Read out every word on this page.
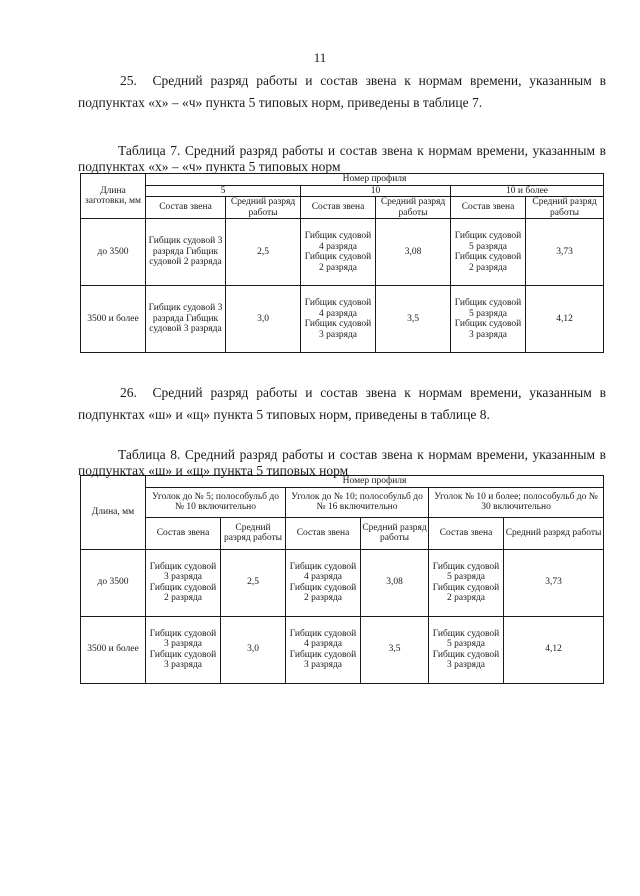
11

25. Средний разряд работы и состав звена к нормам времени, указанным в подпунктах «х» – «ч» пункта 5 типовых норм, приведены в таблице 7.

Таблица 7. Средний разряд работы и состав звена к нормам времени, указанным в подпунктах «х» – «ч» пункта 5 типовых норм

Длина заготовки, мм	Номер профиля					
	5		10		10 и более	
	Состав звена	Средний разряд работы	Состав звена	Средний разряд работы	Состав звена	Средний разряд работы
до 3500	Гибщик судовой 3 разряда Гибщик судовой 2 разряда	2,5	Гибщик судовой 4 разряда Гибщик судовой 2 разряда	3,08	Гибщик судовой 5 разряда Гибщик судовой 2 разряда	3,73
3500 и более	Гибщик судовой 3 разряда Гибщик судовой 3 разряда	3,0	Гибщик судовой 4 разряда Гибщик судовой 3 разряда	3,5	Гибщик судовой 5 разряда Гибщик судовой 3 разряда	4,12

26. Средний разряд работы и состав звена к нормам времени, указанным в подпунктах «ш» и «щ» пункта 5 типовых норм, приведены в таблице 8.

Таблица 8. Средний разряд работы и состав звена к нормам времени, указанным в подпунктах «ш» и «щ» пункта 5 типовых норм

Длина, мм	Номер профиля					
	Уголок до № 5; полособульб до № 10 включительно		Уголок до № 10; полособульб до № 16 включительно		Уголок № 10 и более; полособульб до № 30 включительно	
	Состав звена	Средний разряд работы	Состав звена	Средний разряд работы	Состав звена	Средний разряд работы
до 3500	Гибщик судовой 3 разряда Гибщик судовой 2 разряда	2,5	Гибщик судовой 4 разряда Гибщик судовой 2 разряда	3,08	Гибщик судовой 5 разряда Гибщик судовой 2 разряда	3,73
3500 и более	Гибщик судовой 3 разряда Гибщик судовой 3 разряда	3,0	Гибщик судовой 4 разряда Гибщик судовой 3 разряда	3,5	Гибщик судовой 5 разряда Гибщик судовой 3 разряда	4,12
